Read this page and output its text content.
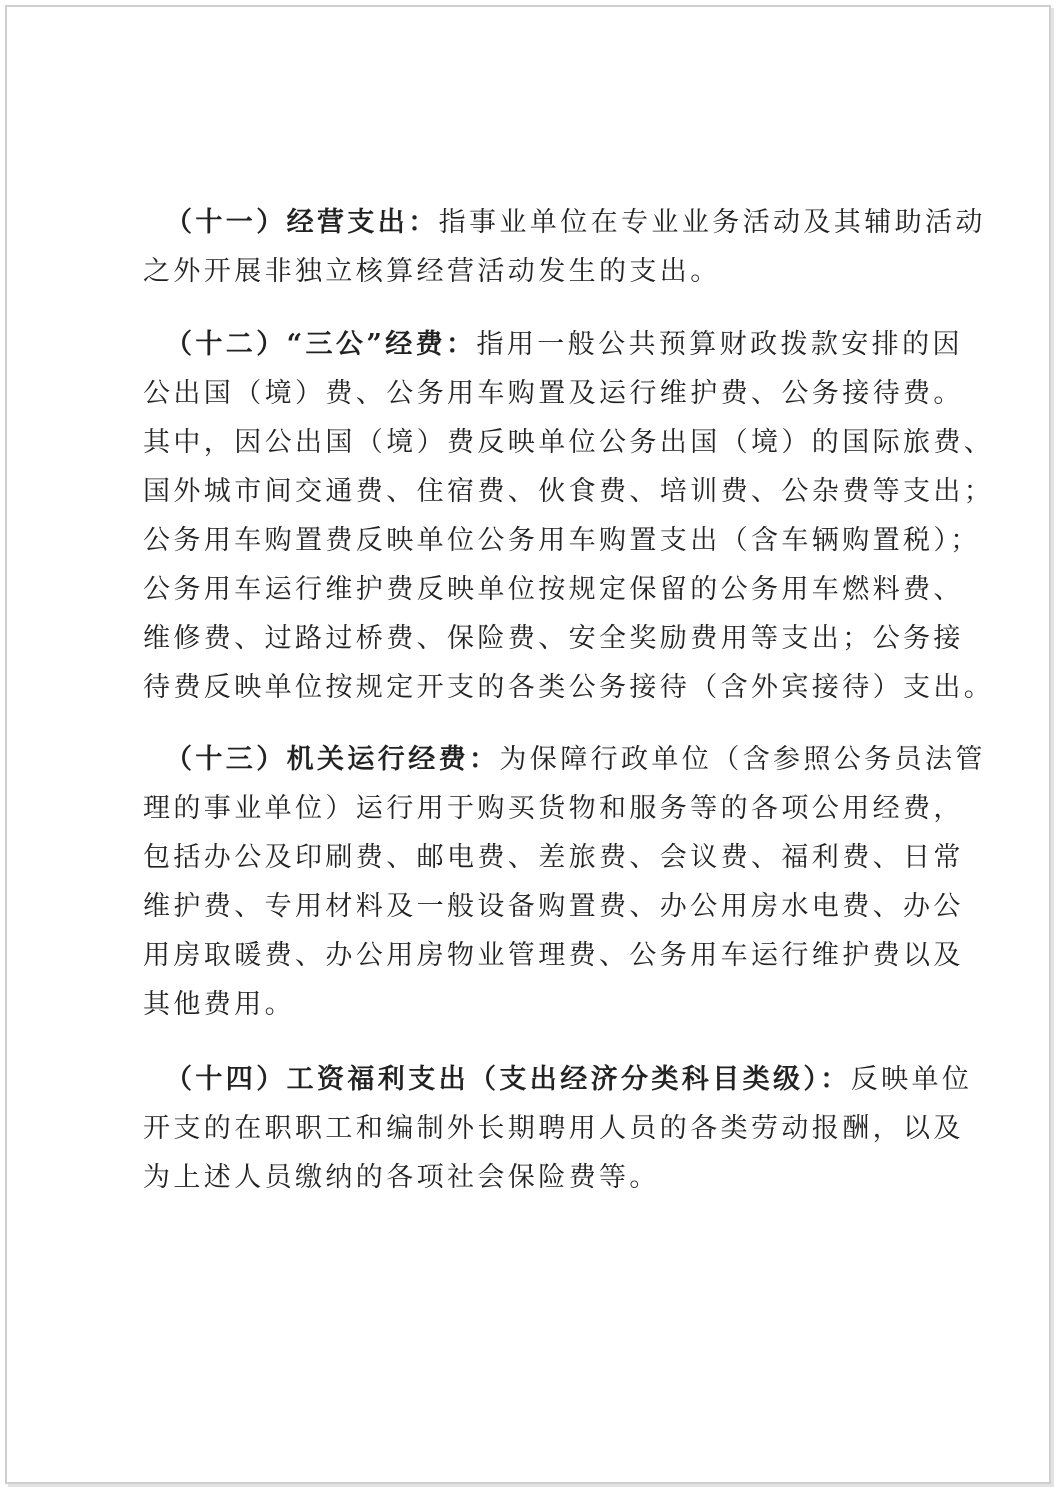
（十一）经营支出：指事业单位在专业业务活动及其辅助活动
之外开展非独立核算经营活动发生的支出。
（十二）“三公”经费：指用一般公共预算财政拨款安排的因
公出国（境）费、公务用车购置及运行维护费、公务接待费。
其中，因公出国（境）费反映单位公务出国（境）的国际旅费、
国外城市间交通费、住宿费、伙食费、培训费、公杂费等支出；
公务用车购置费反映单位公务用车购置支出（含车辆购置税）；
公务用车运行维护费反映单位按规定保留的公务用车燃料费、
维修费、过路过桥费、保险费、安全奖励费用等支出；公务接
待费反映单位按规定开支的各类公务接待（含外宾接待）支出。
（十三）机关运行经费：为保障行政单位（含参照公务员法管
理的事业单位）运行用于购买货物和服务等的各项公用经费，
包括办公及印刷费、邮电费、差旅费、会议费、福利费、日常
维护费、专用材料及一般设备购置费、办公用房水电费、办公
用房取暖费、办公用房物业管理费、公务用车运行维护费以及
其他费用。
（十四）工资福利支出（支出经济分类科目类级）：反映单位
开支的在职职工和编制外长期聘用人员的各类劳动报酬，以及
为上述人员缴纳的各项社会保险费等。
